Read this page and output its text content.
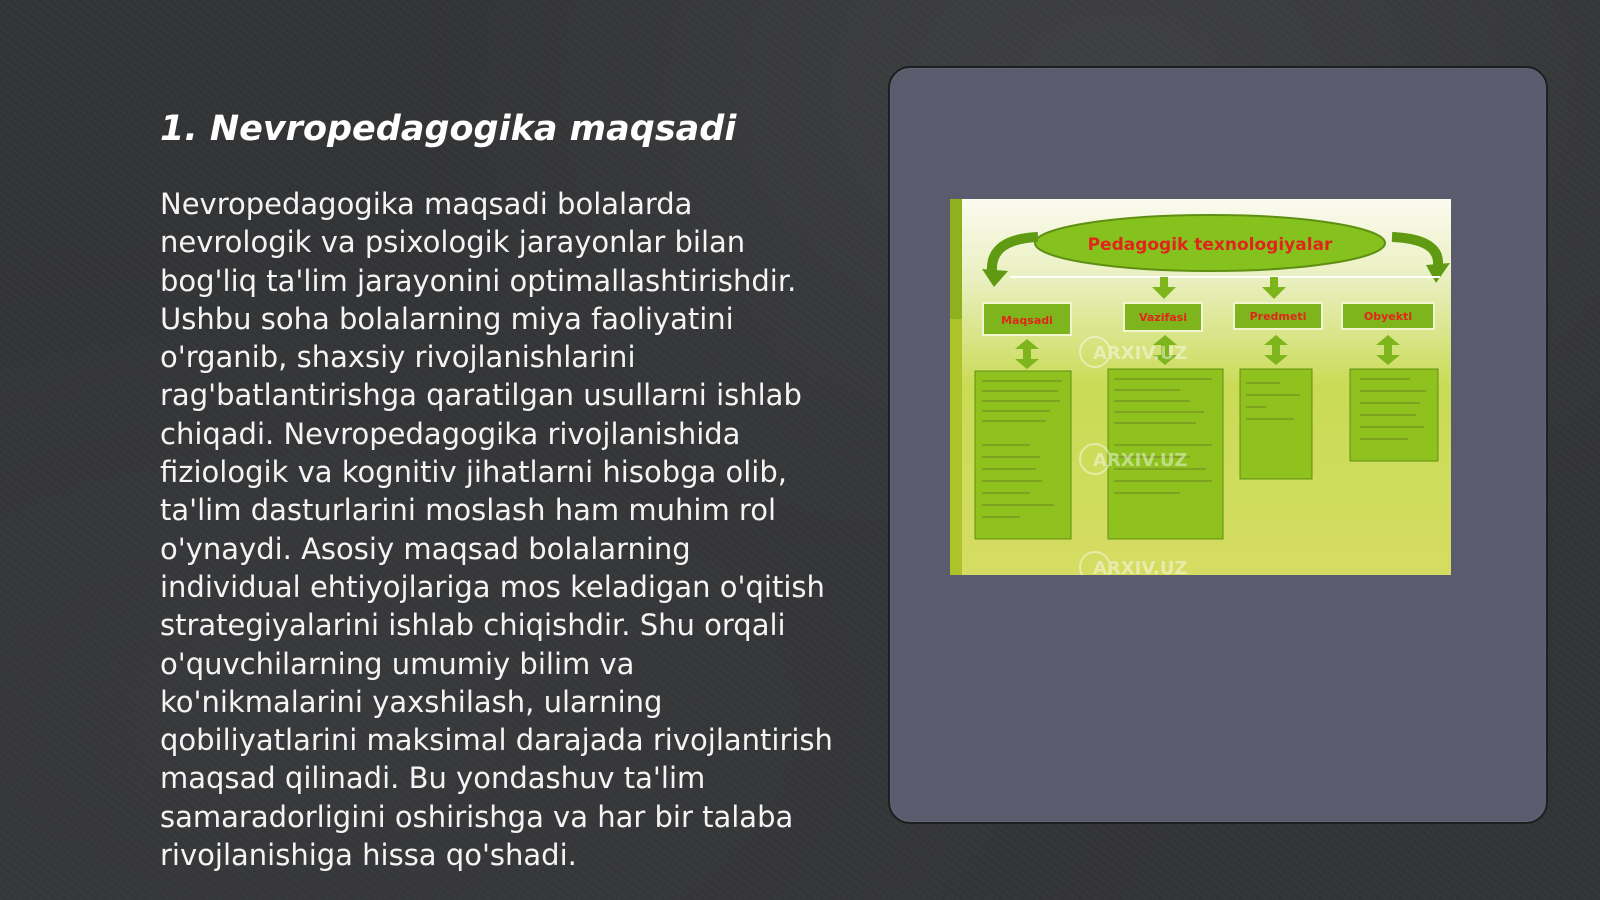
1. Nevropedagogika maqsadi

Nevropedagogika maqsadi bolalarda nevrologik va psixologik jarayonlar bilan bog'liq ta'lim jarayonini optimallashtirishdir. Ushbu soha bolalarning miya faoliyatini o'rganib, shaxsiy rivojlanishlarini rag'batlantirishga qaratilgan usullarni ishlab chiqadi. Nevropedagogika rivojlanishida fiziologik va kognitiv jihatlarni hisobga olib, ta'lim dasturlarini moslash ham muhim rol o'ynaydi. Asosiy maqsad bolalarning individual ehtiyojlariga mos keladigan o'qitish strategiyalarini ishlab chiqishdir. Shu orqali o'quvchilarning umumiy bilim va ko'nikmalarini yaxshilash, ularning qobiliyatlarini maksimal darajada rivojlantirish maqsad qilinadi. Bu yondashuv ta'lim samaradorligini oshirishga va har bir talaba rivojlanishiga hissa qo'shadi.

Pedagogik texnologiyalar
Maqsadi	Vazifasi	Predmeti	Obyekti
ARXIV.UZ
ARXIV.UZ
ARXIV.UZ
